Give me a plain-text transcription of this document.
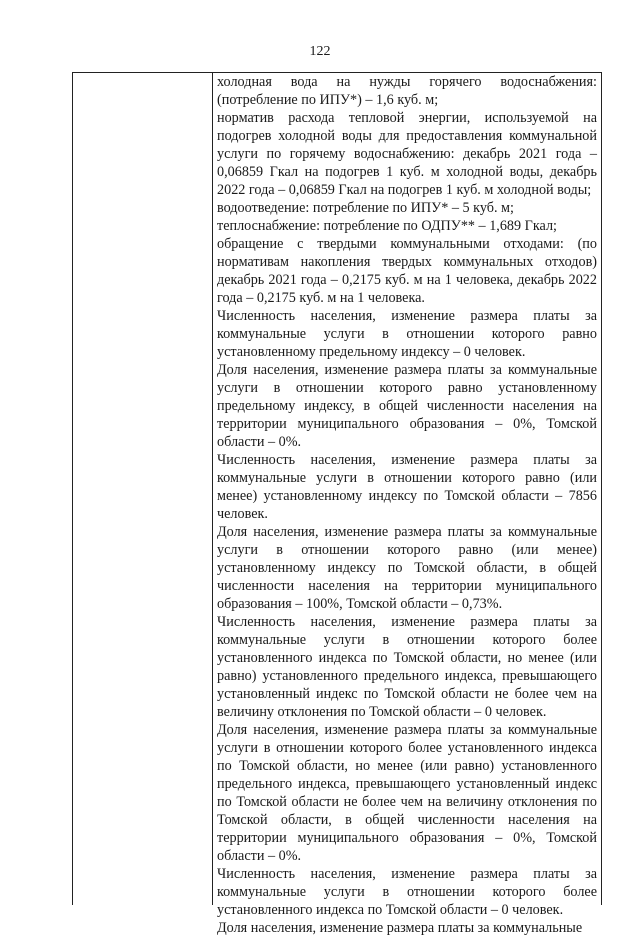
122

холодная вода на нужды горячего водоснабжения: (потребление по ИПУ*) – 1,6 куб. м;

норматив расхода тепловой энергии, используемой на подогрев холодной воды для предоставления коммунальной услуги по горячему водоснабжению: декабрь 2021 года – 0,06859 Гкал на подогрев 1 куб. м холодной воды, декабрь 2022 года – 0,06859 Гкал на подогрев 1 куб. м холодной воды;

водоотведение: потребление по ИПУ* – 5 куб. м;

теплоснабжение: потребление по ОДПУ** – 1,689 Гкал;

обращение с твердыми коммунальными отходами: (по нормативам накопления твердых коммунальных отходов) декабрь 2021 года – 0,2175 куб. м на 1 человека, декабрь 2022 года – 0,2175 куб. м на 1 человека.

Численность населения, изменение размера платы за коммунальные услуги в отношении которого равно установленному предельному индексу – 0 человек.

Доля населения, изменение размера платы за коммунальные услуги в отношении которого равно установленному предельному индексу, в общей численности населения на территории муниципального образования – 0%, Томской области – 0%.

Численность населения, изменение размера платы за коммунальные услуги в отношении которого равно (или менее) установленному индексу по Томской области – 7856 человек.

Доля населения, изменение размера платы за коммунальные услуги в отношении которого равно (или менее) установленному индексу по Томской области, в общей численности населения на территории муниципального образования – 100%, Томской области – 0,73%.

Численность населения, изменение размера платы за коммунальные услуги в отношении которого более установленного индекса по Томской области, но менее (или равно) установленного предельного индекса, превышающего установленный индекс по Томской области не более чем на величину отклонения по Томской области – 0 человек.

Доля населения, изменение размера платы за коммунальные услуги в отношении которого более установленного индекса по Томской области, но менее (или равно) установленного предельного индекса, превышающего установленный индекс по Томской области не более чем на величину отклонения по Томской области, в общей численности населения на территории муниципального образования – 0%, Томской области – 0%.

Численность населения, изменение размера платы за коммунальные услуги в отношении которого более установленного индекса по Томской области – 0 человек.

Доля населения, изменение размера платы за коммунальные
